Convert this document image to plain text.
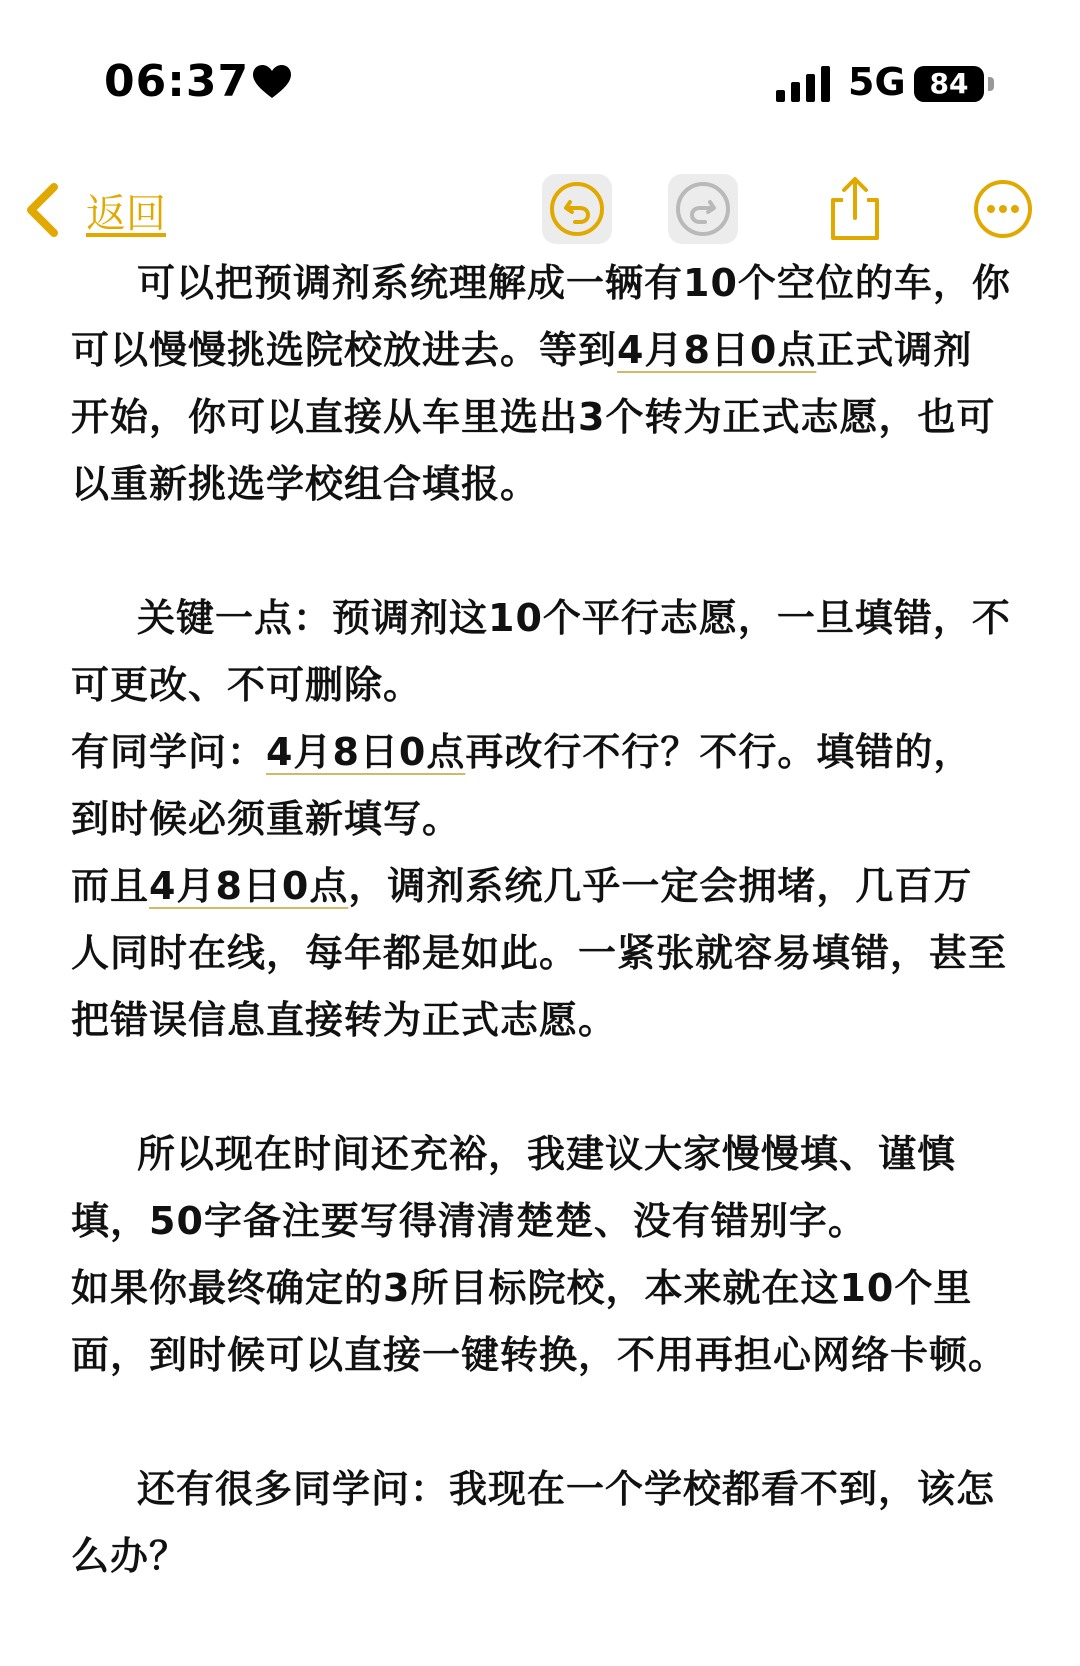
06:37	5G 84
返回

可以把预调剂系统理解成一辆有10个空位的车，你可以慢慢挑选院校放进去。等到4月8日0点正式调剂开始，你可以直接从车里选出3个转为正式志愿，也可以重新挑选学校组合填报。

关键一点：预调剂这10个平行志愿，一旦填错，不可更改、不可删除。

有同学问：4月8日0点再改行不行？不行。填错的，到时候必须重新填写。

而且4月8日0点，调剂系统几乎一定会拥堵，几百万人同时在线，每年都是如此。一紧张就容易填错，甚至把错误信息直接转为正式志愿。

所以现在时间还充裕，我建议大家慢慢填、谨慎填，50字备注要写得清清楚楚、没有错别字。

如果你最终确定的3所目标院校，本来就在这10个里面，到时候可以直接一键转换，不用再担心网络卡顿。

还有很多同学问：我现在一个学校都看不到，该怎么办？
